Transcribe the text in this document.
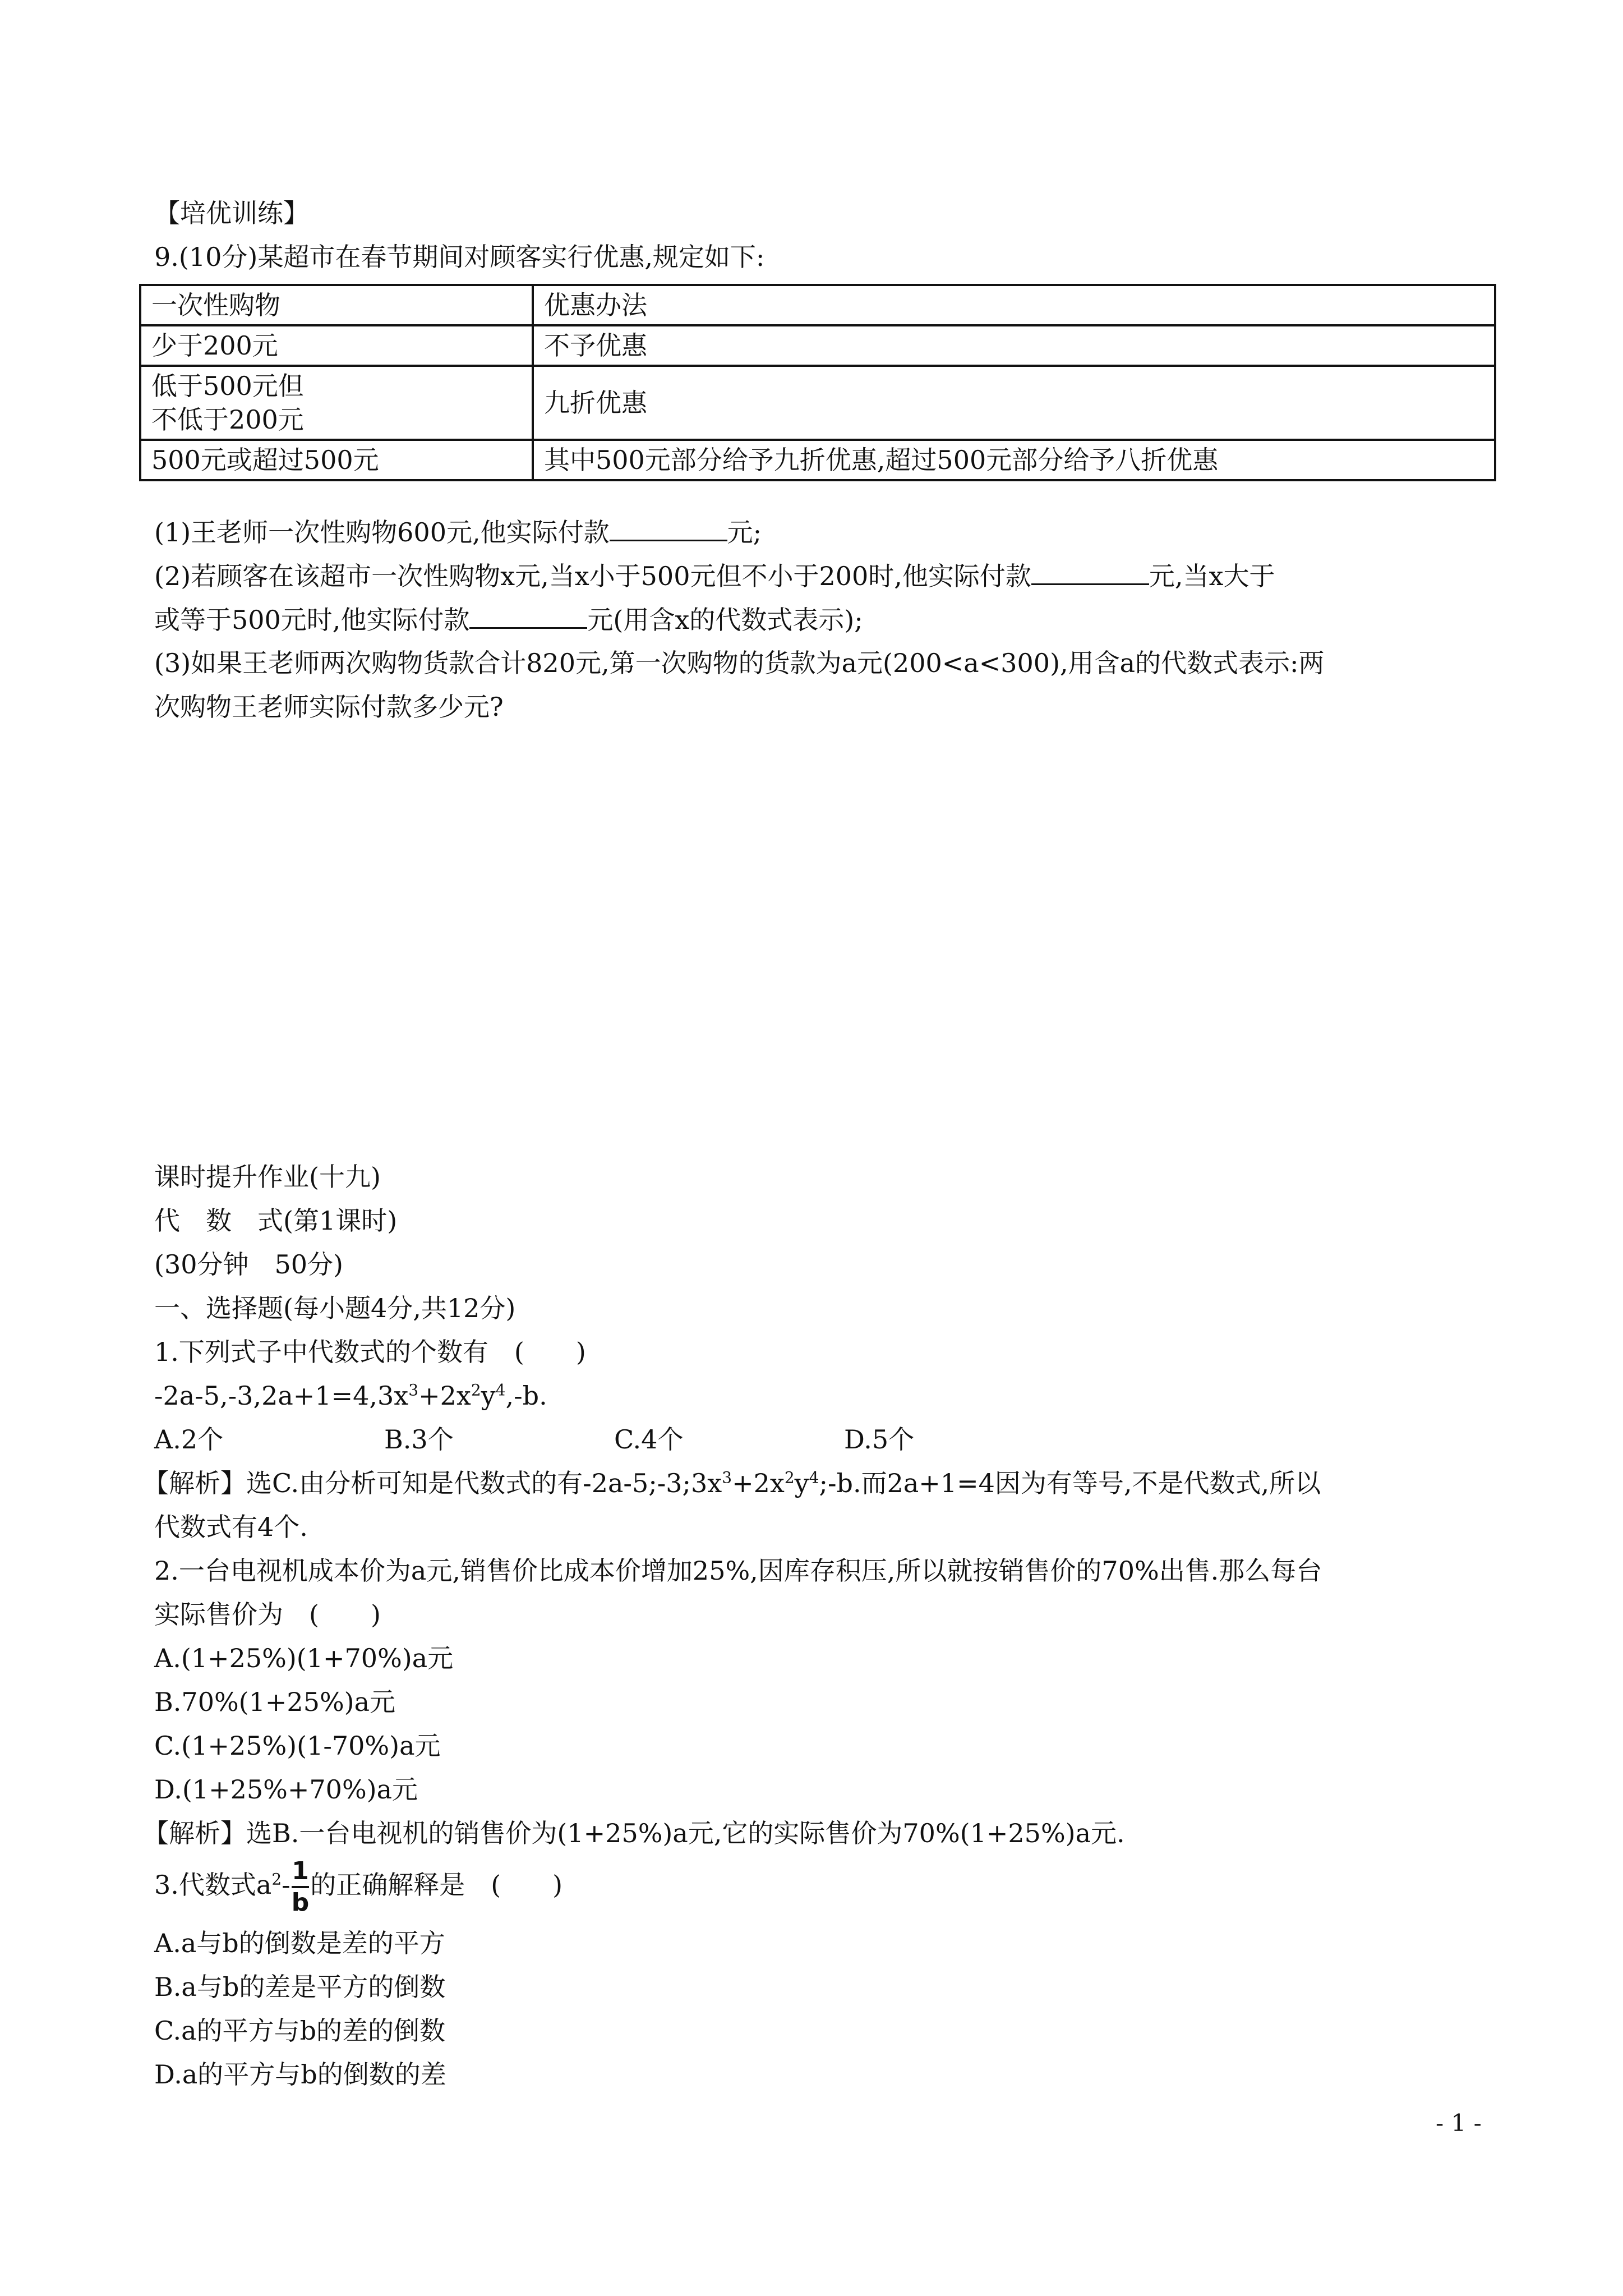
【培优训练】
9.(10分)某超市在春节期间对顾客实行优惠,规定如下:
一次性购物	优惠办法
少于200元	不予优惠

低于500元但
不低于200元	九折优惠
500元或超过500元	其中500元部分给予九折优惠,超过500元部分给予八折优惠
(1)王老师一次性购物600元,他实际付款	元;
(2)若顾客在该超市一次性购物x元,当x小于500元但不小于200时,他实际付款	元,当x大于
或等于500元时,他实际付款	元(用含x的代数式表示);
(3)如果王老师两次购物货款合计820元,第一次购物的货款为a元(200<a<300),用含a的代数式表示:两
次购物王老师实际付款多少元?
课时提升作业(十九)
代　数　式(第1课时)
(30分钟　50分)
一、选择题(每小题4分,共12分)
1.下列式子中代数式的个数有　(　　)
$-2a-5,-3,2a+1=4,3x^3+2x^2y^4,-b$.
A.2个	B.3个	C.4个	D.5个
【解析】选C.由分析可知是代数式的有$-2a-5;-3;3x^3+2x^2y^4;-b$.而2a+1=4因为有等号,不是代数式,所以
代数式有4个.
2.一台电视机成本价为a元,销售价比成本价增加25%,因库存积压,所以就按销售价的70%出售.那么每台
实际售价为　(　　)
A.(1+25%)(1+70%)a元
B.70%(1+25%)a元
C.(1+25%)(1-70%)a元
D.(1+25%+70%)a元
【解析】选B.一台电视机的销售价为(1+25%)a元,它的实际售价为70%(1+25%)a元.
3.代数式$a^2- \frac{1}{b}$ 的正确解释是　(　　)
A.a与b的倒数是差的平方
B.a与b的差是平方的倒数
C.a的平方与b的差的倒数
D.a的平方与b的倒数的差
- 1 -
